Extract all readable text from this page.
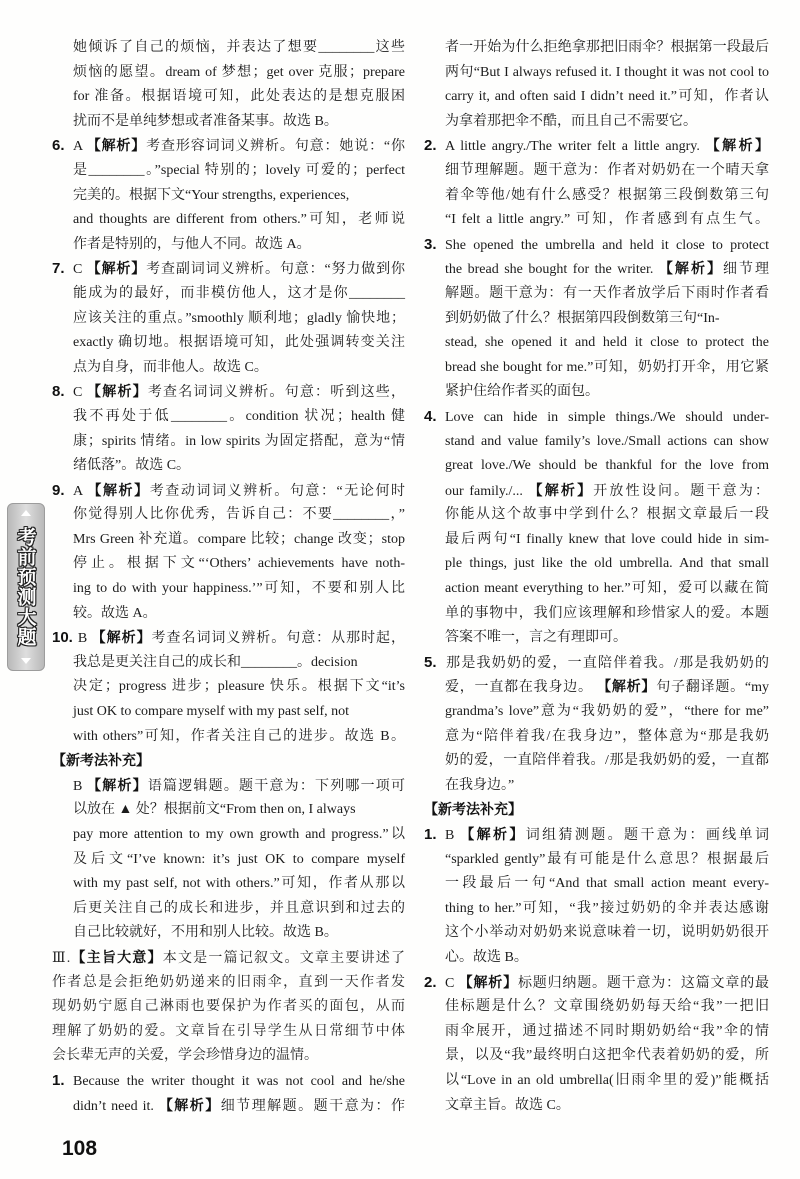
考前预测大题
她倾诉了自己的烦恼，并表达了想要________这些
烦恼的愿望。dream of 梦想；get over 克服；prepare
for 准备。根据语境可知，此处表达的是想克服困
扰而不是单纯梦想或者准备某事。故选 B。
6. A 【解析】考查形容词词义辨析。句意：她说：“你
是________。”special 特别的；lovely 可爱的；perfect
完美的。根据下文“Your strengths, experiences,
and thoughts are different from others.”可知，老师说
作者是特别的，与他人不同。故选 A。
7. C 【解析】考查副词词义辨析。句意：“努力做到你
能成为的最好，而非模仿他人，这才是你________
应该关注的重点。”smoothly 顺利地；gladly 愉快地；
exactly 确切地。根据语境可知，此处强调转变关注
点为自身，而非他人。故选 C。
8. C 【解析】考查名词词义辨析。句意：听到这些，
我不再处于低________。condition 状况；health 健
康；spirits 情绪。in low spirits 为固定搭配，意为“情
绪低落”。故选 C。
9. A 【解析】考查动词词义辨析。句意：“无论何时
你觉得别人比你优秀，告诉自己：不要________，”
Mrs Green 补充道。compare 比较；change 改变；stop
停止。根据下文“‘Others’ achievements have noth-
ing to do with your happiness.’”可知，不要和别人比
较。故选 A。
10. B 【解析】考查名词词义辨析。句意：从那时起，
我总是更关注自己的成长和________。decision
决定；progress 进步；pleasure 快乐。根据下文“it’s
just OK to compare myself with my past self, not
with others”可知，作者关注自己的进步。故选 B。
【新考法补充】
B 【解析】语篇逻辑题。题干意为：下列哪一项可
以放在 ▲ 处？根据前文“From then on, I always
pay more attention to my own growth and progress.”以
及后文“I’ve known: it’s just OK to compare myself
with my past self, not with others.”可知，作者从那以
后更关注自己的成长和进步，并且意识到和过去的
自己比较就好，不用和别人比较。故选 B。
Ⅲ.【主旨大意】本文是一篇记叙文。文章主要讲述了
作者总是会拒绝奶奶递来的旧雨伞，直到一天作者发
现奶奶宁愿自己淋雨也要保护为作者买的面包，从而
理解了奶奶的爱。文章旨在引导学生从日常细节中体
会长辈无声的关爱，学会珍惜身边的温情。
1. Because the writer thought it was not cool and he/she
didn’t need it. 【解析】细节理解题。题干意为：作
者一开始为什么拒绝拿那把旧雨伞？根据第一段最后
两句“But I always refused it. I thought it was not cool to
carry it, and often said I didn’t need it.”可知，作者认
为拿着那把伞不酷，而且自己不需要它。
2. A little angry./The writer felt a little angry. 【解析】
细节理解题。题干意为：作者对奶奶在一个晴天拿
着伞等他/她有什么感受？根据第三段倒数第三句
“I felt a little angry.” 可知，作者感到有点生气。
3. She opened the umbrella and held it close to protect
the bread she bought for the writer. 【解析】细节理
解题。题干意为：有一天作者放学后下雨时作者看
到奶奶做了什么？根据第四段倒数第三句“In-
stead, she opened it and held it close to protect the
bread she bought for me.”可知，奶奶打开伞，用它紧
紧护住给作者买的面包。
4. Love can hide in simple things./We should under-
stand and value family’s love./Small actions can show
great love./We should be thankful for the love from
our family./... 【解析】开放性设问。题干意为：
你能从这个故事中学到什么？根据文章最后一段
最后两句“I finally knew that love could hide in sim-
ple things, just like the old umbrella. And that small
action meant everything to her.”可知，爱可以藏在简
单的事物中，我们应该理解和珍惜家人的爱。本题
答案不唯一，言之有理即可。
5. 那是我奶奶的爱，一直陪伴着我。/那是我奶奶的
爱，一直都在我身边。 【解析】句子翻译题。“my
grandma’s love”意为“我奶奶的爱”，“there for me”
意为“陪伴着我/在我身边”，整体意为“那是我奶
奶的爱，一直陪伴着我。/那是我奶奶的爱，一直都
在我身边。”
【新考法补充】
1. B 【解析】词组猜测题。题干意为：画线单词
“sparkled gently”最有可能是什么意思？根据最后
一段最后一句“And that small action meant every-
thing to her.”可知，“我”接过奶奶的伞并表达感谢
这个小举动对奶奶来说意味着一切，说明奶奶很开
心。故选 B。
2. C 【解析】标题归纳题。题干意为：这篇文章的最
佳标题是什么？文章围绕奶奶每天给“我”一把旧
雨伞展开，通过描述不同时期奶奶给“我”伞的情
景，以及“我”最终明白这把伞代表着奶奶的爱，所
以“Love in an old umbrella(旧雨伞里的爱)”能概括
文章主旨。故选 C。
108
